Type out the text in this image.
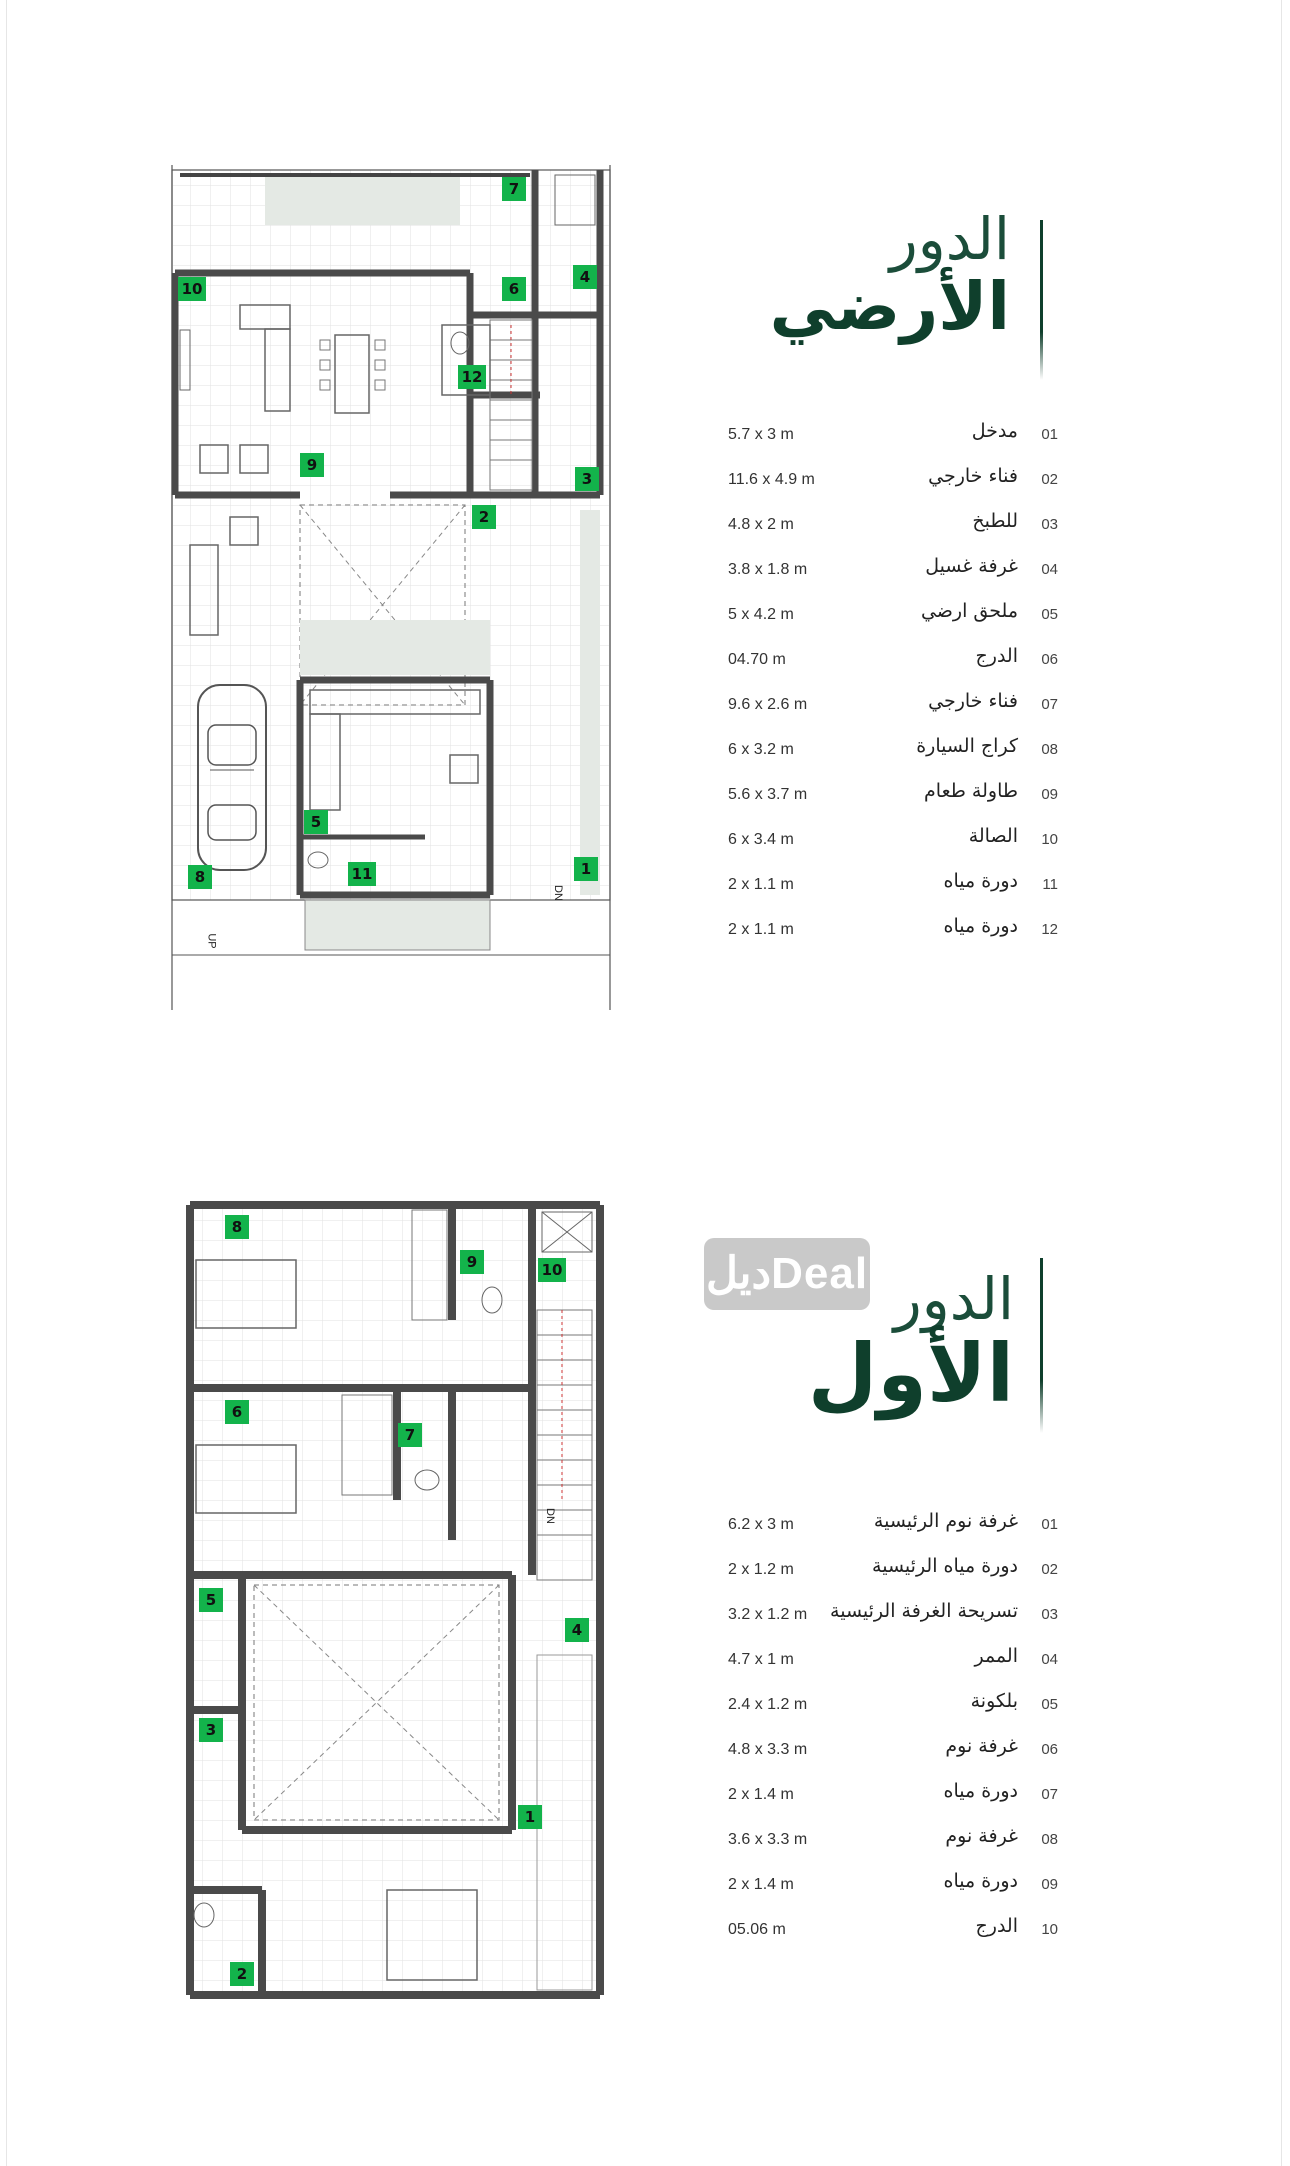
7
4
10	6
12
9
3
2
5
11
8	1
DN
UP
الدور
الأرضي
5.7 x 3 m	مدخل 01
11.6 x 4.9 m	فناء خارجي 02
4.8 x 2 m	للطبخ 03
3.8 x 1.8 m	غرفة غسيل 04
5 x 4.2 m	ملحق ارضي 05
04.70 m	الدرج 06
9.6 x 2.6 m	فناء خارجي 07
6 x 3.2 m	كراج السيارة 08
5.6 x 3.7 m	طاولة طعام 09
6 x 3.4 m	الصالة 10
2 x 1.1 m	دورة مياه 11
2 x 1.1 m	دورة مياه 12
8
9	10
6
7
5
4
3
1
2
DN
الدور
الأول
6.2 x 3 m	غرفة نوم الرئيسية 01
2 x 1.2 m	دورة مياه الرئيسية 02
3.2 x 1.2 m تسريحة الغرفة الرئيسية 03
4.7 x 1 m	الممر 04
2.4 x 1.2 m	بلكونة 05
4.8 x 3.3 m	غرفة نوم 06
2 x 1.4 m	دورة مياه 07
3.6 x 3.3 m	غرفة نوم 08
2 x 1.4 m	دورة مياه 09
05.06 m	الدرج 10
ديلDeal
